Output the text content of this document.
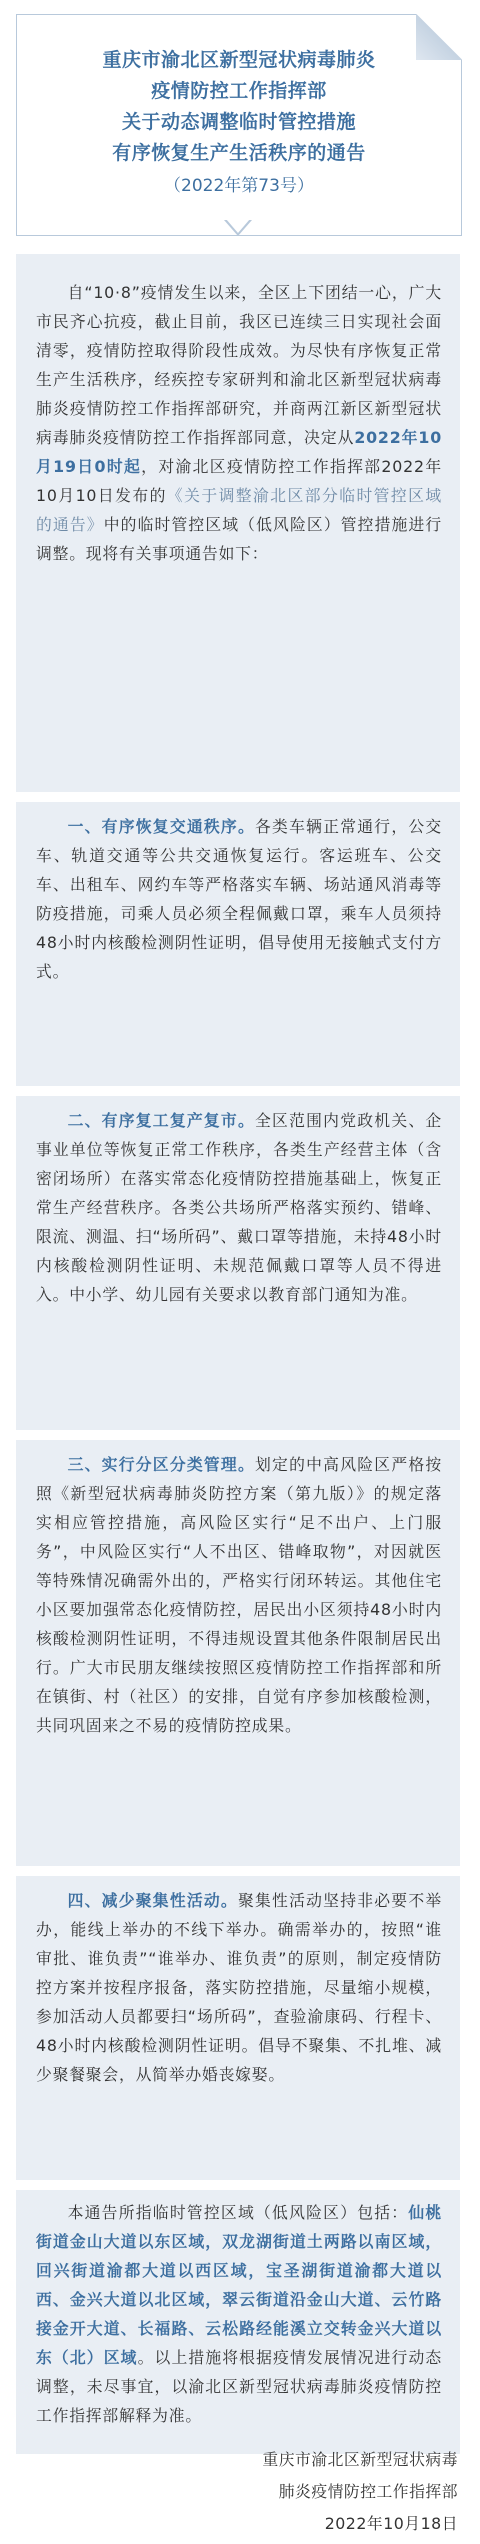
重庆市渝北区新型冠状病毒肺炎
疫情防控工作指挥部
关于动态调整临时管控措施
有序恢复生产生活秩序的通告
（2022年第73号）
自“10·8”疫情发生以来，全区上下团结一心，广大市民齐心抗疫，截止目前，我区已连续三日实现社会面清零，疫情防控取得阶段性成效。为尽快有序恢复正常生产生活秩序，经疾控专家研判和渝北区新型冠状病毒肺炎疫情防控工作指挥部研究，并商两江新区新型冠状病毒肺炎疫情防控工作指挥部同意，决定从2022年10月19日0时起，对渝北区疫情防控工作指挥部2022年10月10日发布的《关于调整渝北区部分临时管控区域的通告》中的临时管控区域（低风险区）管控措施进行调整。现将有关事项通告如下：
一、有序恢复交通秩序。各类车辆正常通行，公交车、轨道交通等公共交通恢复运行。客运班车、公交车、出租车、网约车等严格落实车辆、场站通风消毒等防疫措施，司乘人员必须全程佩戴口罩，乘车人员须持48小时内核酸检测阴性证明，倡导使用无接触式支付方式。
二、有序复工复产复市。全区范围内党政机关、企事业单位等恢复正常工作秩序，各类生产经营主体（含密闭场所）在落实常态化疫情防控措施基础上，恢复正常生产经营秩序。各类公共场所严格落实预约、错峰、限流、测温、扫“场所码”、戴口罩等措施，未持48小时内核酸检测阴性证明、未规范佩戴口罩等人员不得进入。中小学、幼儿园有关要求以教育部门通知为准。
三、实行分区分类管理。划定的中高风险区严格按照《新型冠状病毒肺炎防控方案（第九版）》的规定落实相应管控措施，高风险区实行“足不出户、上门服务”，中风险区实行“人不出区、错峰取物”，对因就医等特殊情况确需外出的，严格实行闭环转运。其他住宅小区要加强常态化疫情防控，居民出小区须持48小时内核酸检测阴性证明，不得违规设置其他条件限制居民出行。广大市民朋友继续按照区疫情防控工作指挥部和所在镇街、村（社区）的安排，自觉有序参加核酸检测，共同巩固来之不易的疫情防控成果。
四、减少聚集性活动。聚集性活动坚持非必要不举办，能线上举办的不线下举办。确需举办的，按照“谁审批、谁负责”“谁举办、谁负责”的原则，制定疫情防控方案并按程序报备，落实防控措施，尽量缩小规模，参加活动人员都要扫“场所码”，查验渝康码、行程卡、48小时内核酸检测阴性证明。倡导不聚集、不扎堆、减少聚餐聚会，从简举办婚丧嫁娶。
本通告所指临时管控区域（低风险区）包括：仙桃街道金山大道以东区域，双龙湖街道土两路以南区域，回兴街道渝都大道以西区域，宝圣湖街道渝都大道以西、金兴大道以北区域，翠云街道沿金山大道、云竹路接金开大道、长福路、云松路经能溪立交转金兴大道以东（北）区域。以上措施将根据疫情发展情况进行动态调整，未尽事宜，以渝北区新型冠状病毒肺炎疫情防控工作指挥部解释为准。
重庆市渝北区新型冠状病毒
肺炎疫情防控工作指挥部
2022年10月18日
